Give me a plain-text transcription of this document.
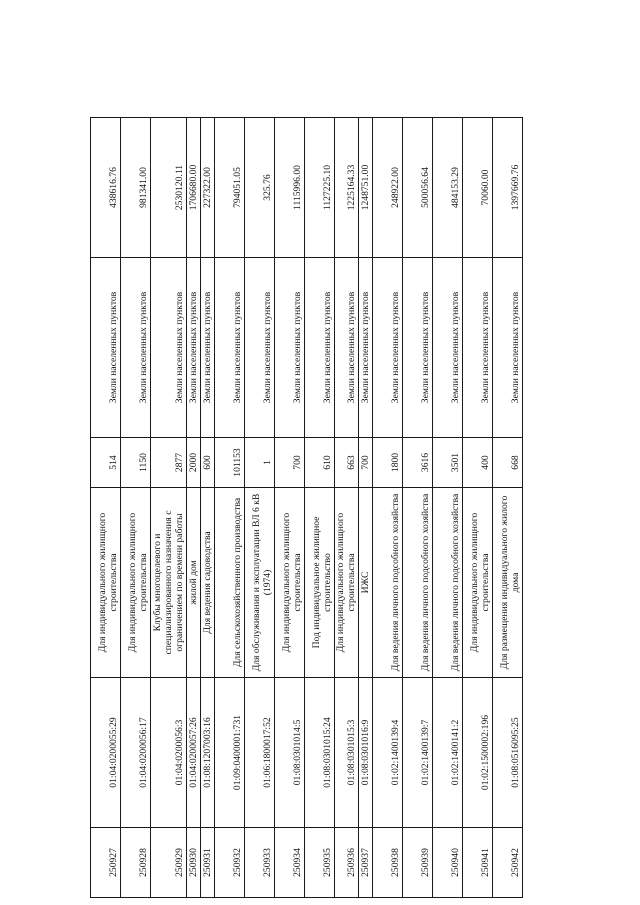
250927	01:04:0200055:29	Для индивидуального жилищного строительства	514	Земли населенных пунктов	438616.76
250928	01:04:0200056:17	Для индивидуального жилищного строительства	1150	Земли населенных пунктов	981341.00
250929	01:04:0200056:3	Клубы многоцелевого и специализированного назначения с ограничением по времени работы	2877	Земли населенных пунктов	2530120.11
250930	01:04:0200057:26	жилой дом	2000	Земли населенных пунктов	1706680.00
250931	01:08:1207003:16	Для ведения садоводства	600	Земли населенных пунктов	227322.00
250932	01:09:0400001:731	Для сельскохозяйственного производства	101153	Земли населенных пунктов	794051.05
250933	01:06:1800017:52	Для обслуживания и эксплуатации ВЛ 6 кВ (1974)	1	Земли населенных пунктов	325.76
250934	01:08:0301014:5	Для индивидуального жилищного строительства	700	Земли населенных пунктов	1115996.00
250935	01:08:0301015:24	Под индивидуальное жилищное строительство	610	Земли населенных пунктов	1127225.10
250936	01:08:0301015:3	Для индивидуального жилищного строительства	663	Земли населенных пунктов	1225164.33
250937	01:08:0301016:9	ИЖС	700	Земли населенных пунктов	1248751.00
250938	01:02:1400139:4	Для ведения личного подсобного хозяйства	1800	Земли населенных пунктов	248922.00
250939	01:02:1400139:7	Для ведения личного подсобного хозяйства	3616	Земли населенных пунктов	500056.64
250940	01:02:1400141:2	Для ведения личного подсобного хозяйства	3501	Земли населенных пунктов	484153.29
250941	01:02:1500002:196	Для индивидуального жилищного строительства	400	Земли населенных пунктов	70060.00
250942	01:08:0516095:25	Для размещения индивидуального жилого дома	668	Земли населенных пунктов	1397669.76
